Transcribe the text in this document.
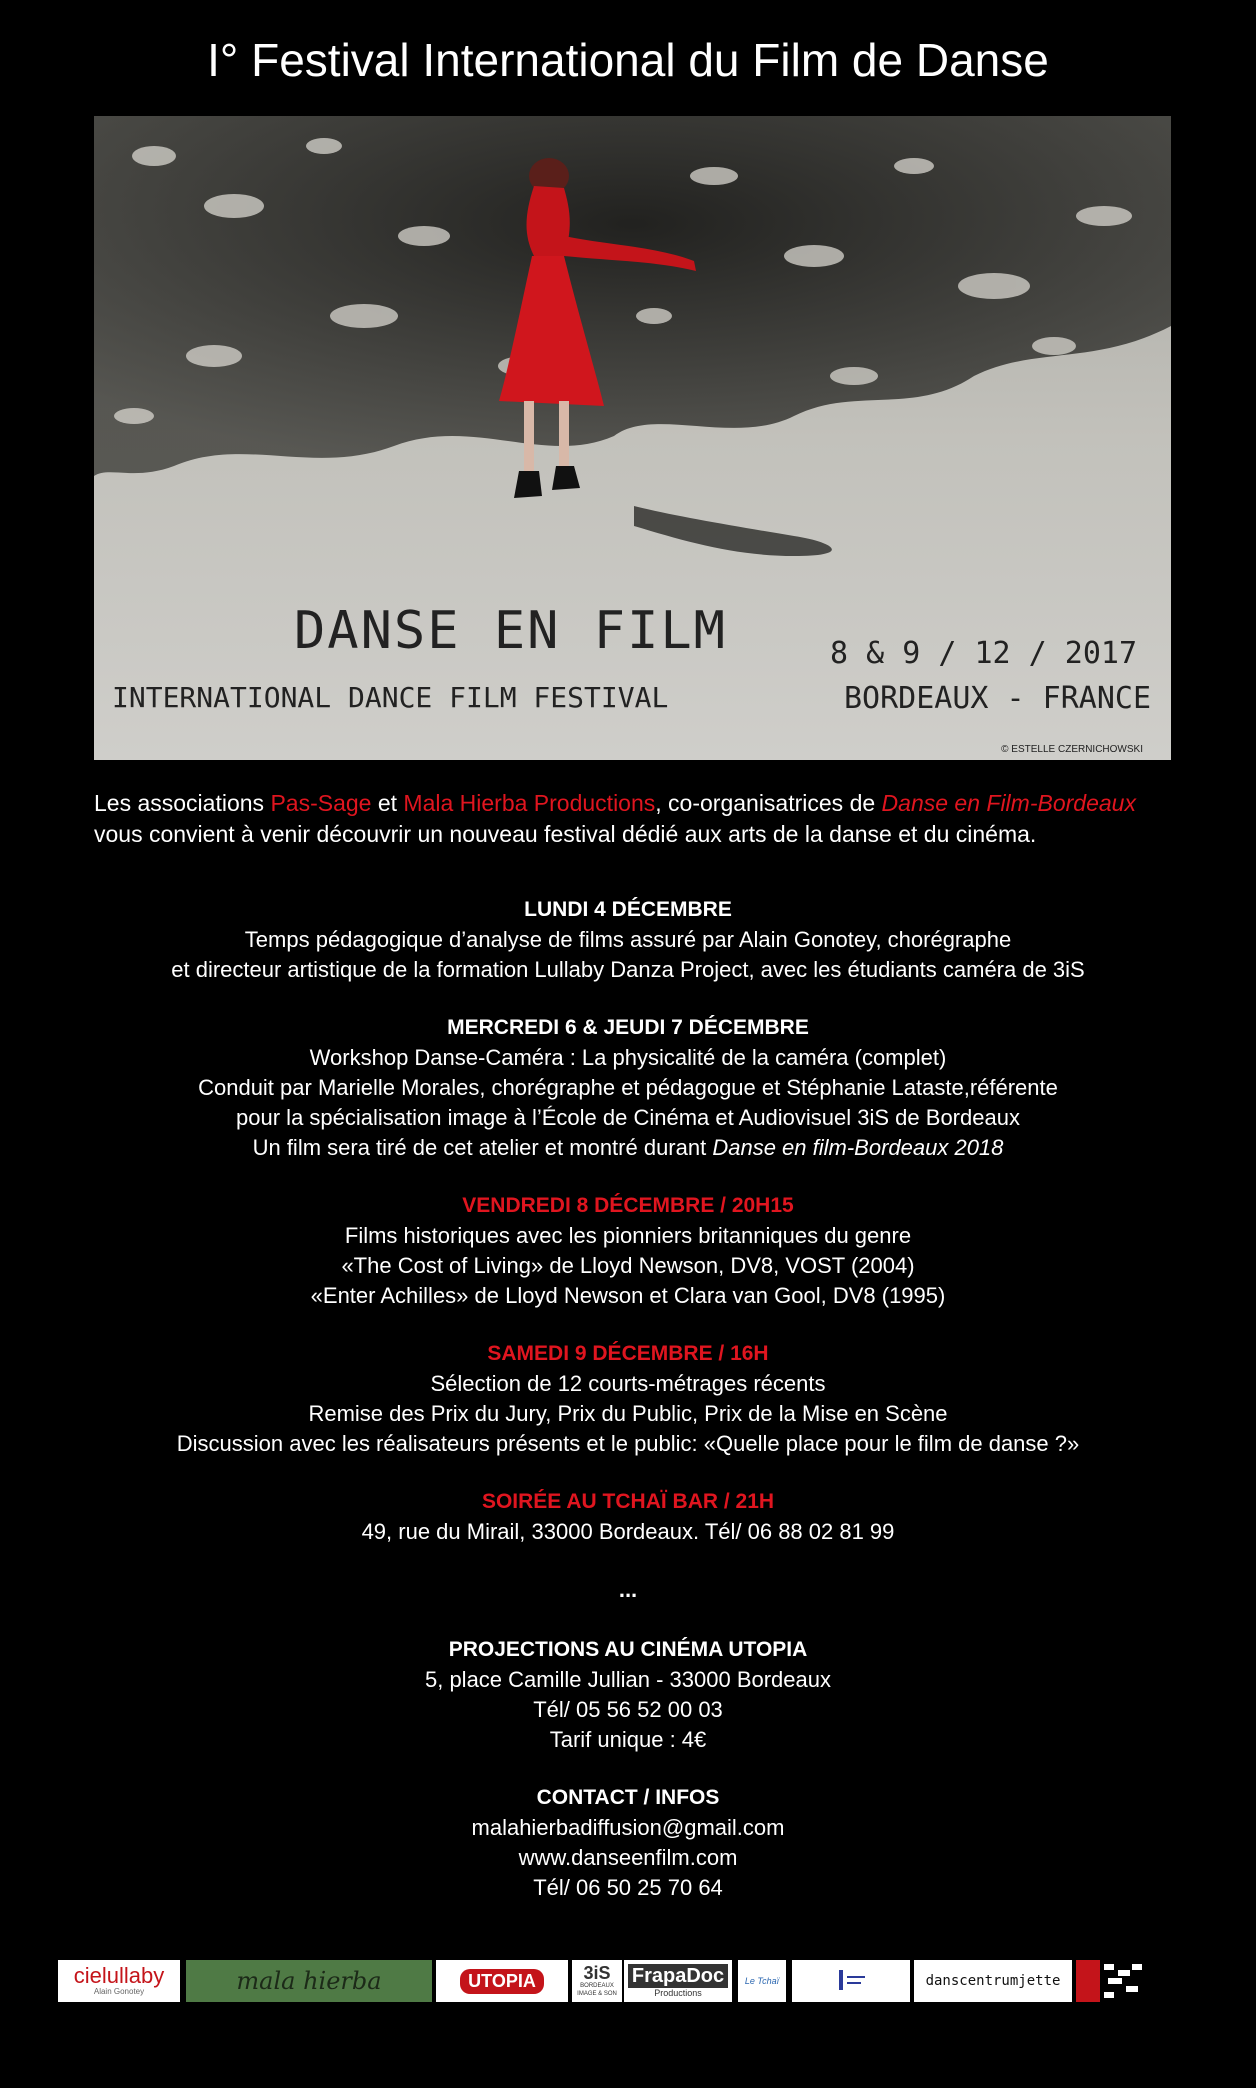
I° Festival International du Film de Danse
DANSE EN FILM
INTERNATIONAL DANCE FILM FESTIVAL
8 & 9 / 12 / 2017
BORDEAUX - FRANCE
© ESTELLE CZERNICHOWSKI
Les associations Pas-Sage et Mala Hierba Productions, co-organisatrices de Danse en Film-Bordeaux
vous convient à venir découvrir un nouveau festival dédié aux arts de la danse et du cinéma.
LUNDI 4 DÉCEMBRE
Temps pédagogique d’analyse de films assuré par Alain Gonotey, chorégraphe
et directeur artistique de la formation Lullaby Danza Project, avec les étudiants caméra de 3iS
MERCREDI 6 & JEUDI 7 DÉCEMBRE
Workshop Danse-Caméra : La physicalité de la caméra (complet)
Conduit par Marielle Morales, chorégraphe et pédagogue et Stéphanie Lataste,référente
pour la spécialisation image à l’École de Cinéma et Audiovisuel 3iS de Bordeaux
Un film sera tiré de cet atelier et montré durant Danse en film-Bordeaux 2018
VENDREDI 8 DÉCEMBRE / 20H15
Films historiques avec les pionniers britanniques du genre
«The Cost of Living» de Lloyd Newson, DV8, VOST (2004)
«Enter Achilles» de Lloyd Newson et Clara van Gool, DV8 (1995)
SAMEDI 9 DÉCEMBRE / 16H
Sélection de 12 courts-métrages récents
Remise des Prix du Jury, Prix du Public, Prix de la Mise en Scène
Discussion avec les réalisateurs présents et le public: «Quelle place pour le film de danse ?»
SOIRÉE AU TCHAÏ BAR / 21H
49, rue du Mirail, 33000 Bordeaux. Tél/ 06 88 02 81 99
...
PROJECTIONS AU CINÉMA UTOPIA
5, place Camille Jullian - 33000 Bordeaux
Tél/ 05 56 52 00 03
Tarif unique : 4€
CONTACT / INFOS
malahierbadiffusion@gmail.com
www.danseenfilm.com
Tél/ 06 50 25 70 64
cielullaby
Alain Gonotey	mala hierba	UTOPIA	3iS
BORDEAUX
IMAGE & SON
FrapaDoc
Productions
Le Tchaï	danscentrumjette
